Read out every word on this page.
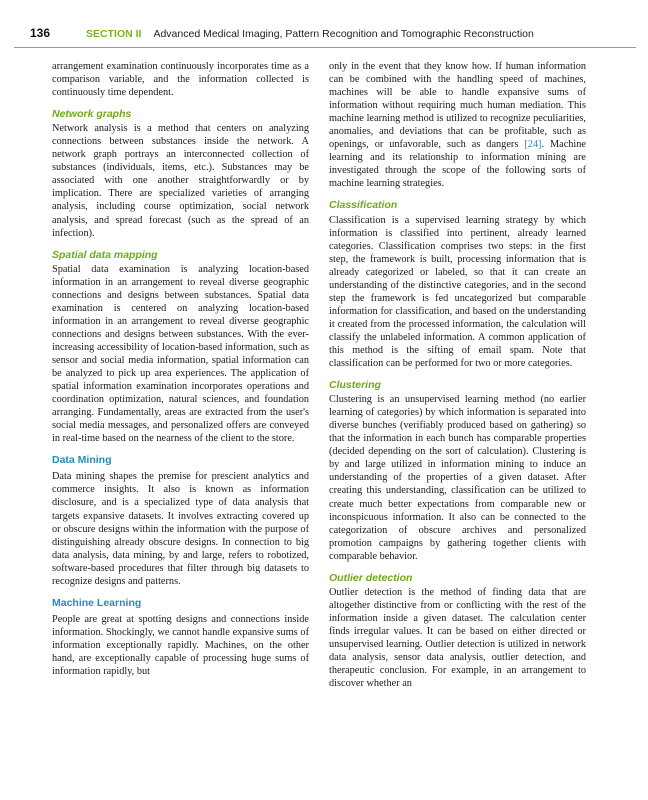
136	SECTION II Advanced Medical Imaging, Pattern Recognition and Tomographic Reconstruction

arrangement examination continuously incorporates time as a comparison variable, and the information collected is continuously time dependent.

Network graphs

Network analysis is a method that centers on analyzing connections between substances inside the network. A network graph portrays an interconnected collection of substances (individuals, items, etc.). Substances may be associated with one another straightforwardly or by implication. There are specialized varieties of arranging analysis, including course optimization, social network analysis, and spread forecast (such as the spread of an infection).

Spatial data mapping

Spatial data examination is analyzing location-based information in an arrangement to reveal diverse geographic connections and designs between substances. Spatial data examination is centered on analyzing location-based information in an arrangement to reveal diverse geographic connections and designs between substances. With the ever-increasing accessibility of location-based information, such as sensor and social media information, spatial information can be analyzed to pick up area experiences. The application of spatial information examination incorporates operations and coordination optimization, natural sciences, and foundation arranging. Fundamentally, areas are extracted from the user's social media messages, and personalized offers are conveyed in real-time based on the nearness of the client to the store.

Data Mining

Data mining shapes the premise for prescient analytics and commerce insights. It also is known as information disclosure, and is a specialized type of data analysis that targets expansive datasets. It involves extracting covered up or obscure designs within the information with the purpose of distinguishing already obscure designs. In connection to big data analysis, data mining, by and large, refers to robotized, software-based procedures that filter through big datasets to recognize designs and patterns.

Machine Learning

People are great at spotting designs and connections inside information. Shockingly, we cannot handle expansive sums of information exceptionally rapidly. Machines, on the other hand, are exceptionally capable of processing huge sums of information rapidly, but

only in the event that they know how. If human information can be combined with the handling speed of machines, machines will be able to handle expansive sums of information without requiring much human mediation. This machine learning method is utilized to recognize peculiarities, anomalies, and deviations that can be profitable, such as openings, or unfavorable, such as dangers [24]. Machine learning and its relationship to information mining are investigated through the scope of the following sorts of machine learning strategies.

Classification

Classification is a supervised learning strategy by which information is classified into pertinent, already learned categories. Classification comprises two steps: in the first step, the framework is built, processing information that is already categorized or labeled, so that it can create an understanding of the distinctive categories, and in the second step the framework is fed uncategorized but comparable information for classification, and based on the understanding it created from the processed information, the calculation will classify the unlabeled information. A common application of this method is the sifting of email spam. Note that classification can be performed for two or more categories.

Clustering

Clustering is an unsupervised learning method (no earlier learning of categories) by which information is separated into diverse bunches (verifiably produced based on gathering) so that the information in each bunch has comparable properties (decided depending on the sort of calculation). Clustering is by and large utilized in information mining to induce an understanding of the properties of a given dataset. After creating this understanding, classification can be utilized to create much better expectations from comparable new or inconspicuous information. It also can be connected to the categorization of obscure archives and personalized promotion campaigns by gathering together clients with comparable behavior.

Outlier detection

Outlier detection is the method of finding data that are altogether distinctive from or conflicting with the rest of the information inside a given dataset. The calculation center finds irregular values. It can be based on either directed or unsupervised learning. Outlier detection is utilized in network data analysis, sensor data analysis, outlier detection, and therapeutic conclusion. For example, in an arrangement to discover whether an
